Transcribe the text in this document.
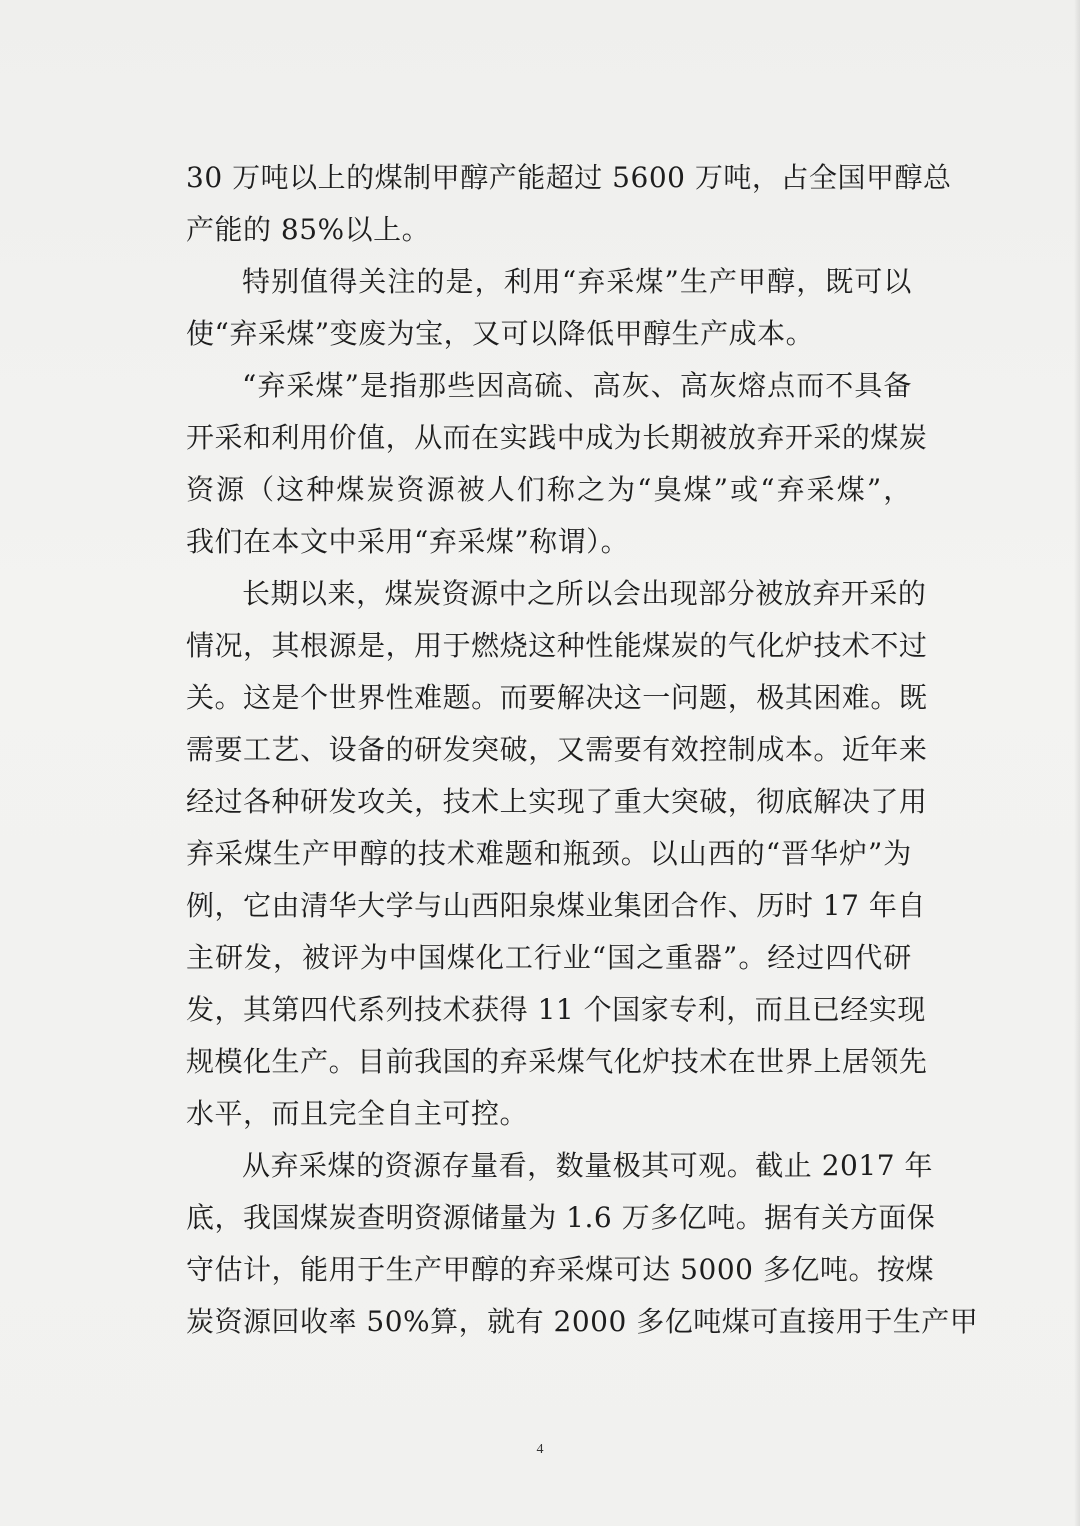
3 0
万 吨 以 上 的 煤 制 甲 醇 产 能 超 过
5 6 0 0
万 吨 ， 占 全 国 甲 醇 总
产能的 85%以上。
特 别 值 得 关 注 的 是 ， 利 用 “ 弃 采 煤 ” 生 产 甲 醇 ， 既 可 以
使“弃采煤”变废为宝，又可以降低甲醇生产成本。
“ 弃 采 煤 ” 是 指 那 些 因 高 硫 、 高 灰 、 高 灰 熔 点 而 不 具 备
开 采 和 利 用 价 值 ， 从 而 在 实 践 中 成 为 长 期 被 放 弃 开 采 的 煤 炭
资 源 （ 这 种 煤 炭 资 源 被 人 们 称 之 为 “ 臭 煤 ” 或 “ 弃 采 煤 ” ，
我们在本文中采用“弃采煤”称谓）。
长 期 以 来 ， 煤 炭 资 源 中 之 所 以 会 出 现 部 分 被 放 弃 开 采 的
情 况 ， 其 根 源 是 ， 用 于 燃 烧 这 种 性 能 煤 炭 的 气 化 炉 技 术 不 过
关 。 这 是 个 世 界 性 难 题 。 而 要 解 决 这 一 问 题 ， 极 其 困 难 。 既
需 要 工 艺 、 设 备 的 研 发 突 破 ， 又 需 要 有 效 控 制 成 本 。 近 年 来
经 过 各 种 研 发 攻 关 ， 技 术 上 实 现 了 重 大 突 破 ， 彻 底 解 决 了 用
弃 采 煤 生 产 甲 醇 的 技 术 难 题 和 瓶 颈 。 以 山 西 的 “ 晋 华 炉 ” 为
例 ， 它 由 清 华 大 学 与 山 西 阳 泉 煤 业 集 团 合 作 、 历 时
1 7
年 自
主 研 发 ， 被 评 为 中 国 煤 化 工 行 业 “ 国 之 重 器 ” 。 经 过 四 代 研
发 ， 其 第 四 代 系 列 技 术 获 得
1 1
个 国 家 专 利 ， 而 且 已 经 实 现
规 模 化 生 产 。 目 前 我 国 的 弃 采 煤 气 化 炉 技 术 在 世 界 上 居 领 先
水平，而且完全自主可控。
从 弃 采 煤 的 资 源 存 量 看 ， 数 量 极 其 可 观 。 截 止
2 0 1 7
年
底 ， 我 国 煤 炭 查 明 资 源 储 量 为
1 . 6
万 多 亿 吨 。 据 有 关 方 面 保
守 估 计 ， 能 用 于 生 产 甲 醇 的 弃 采 煤 可 达
5 0 0 0
多 亿 吨 。 按 煤
炭资源回收率 50%算，就有 2000 多亿吨煤可直接用于生产甲
4
